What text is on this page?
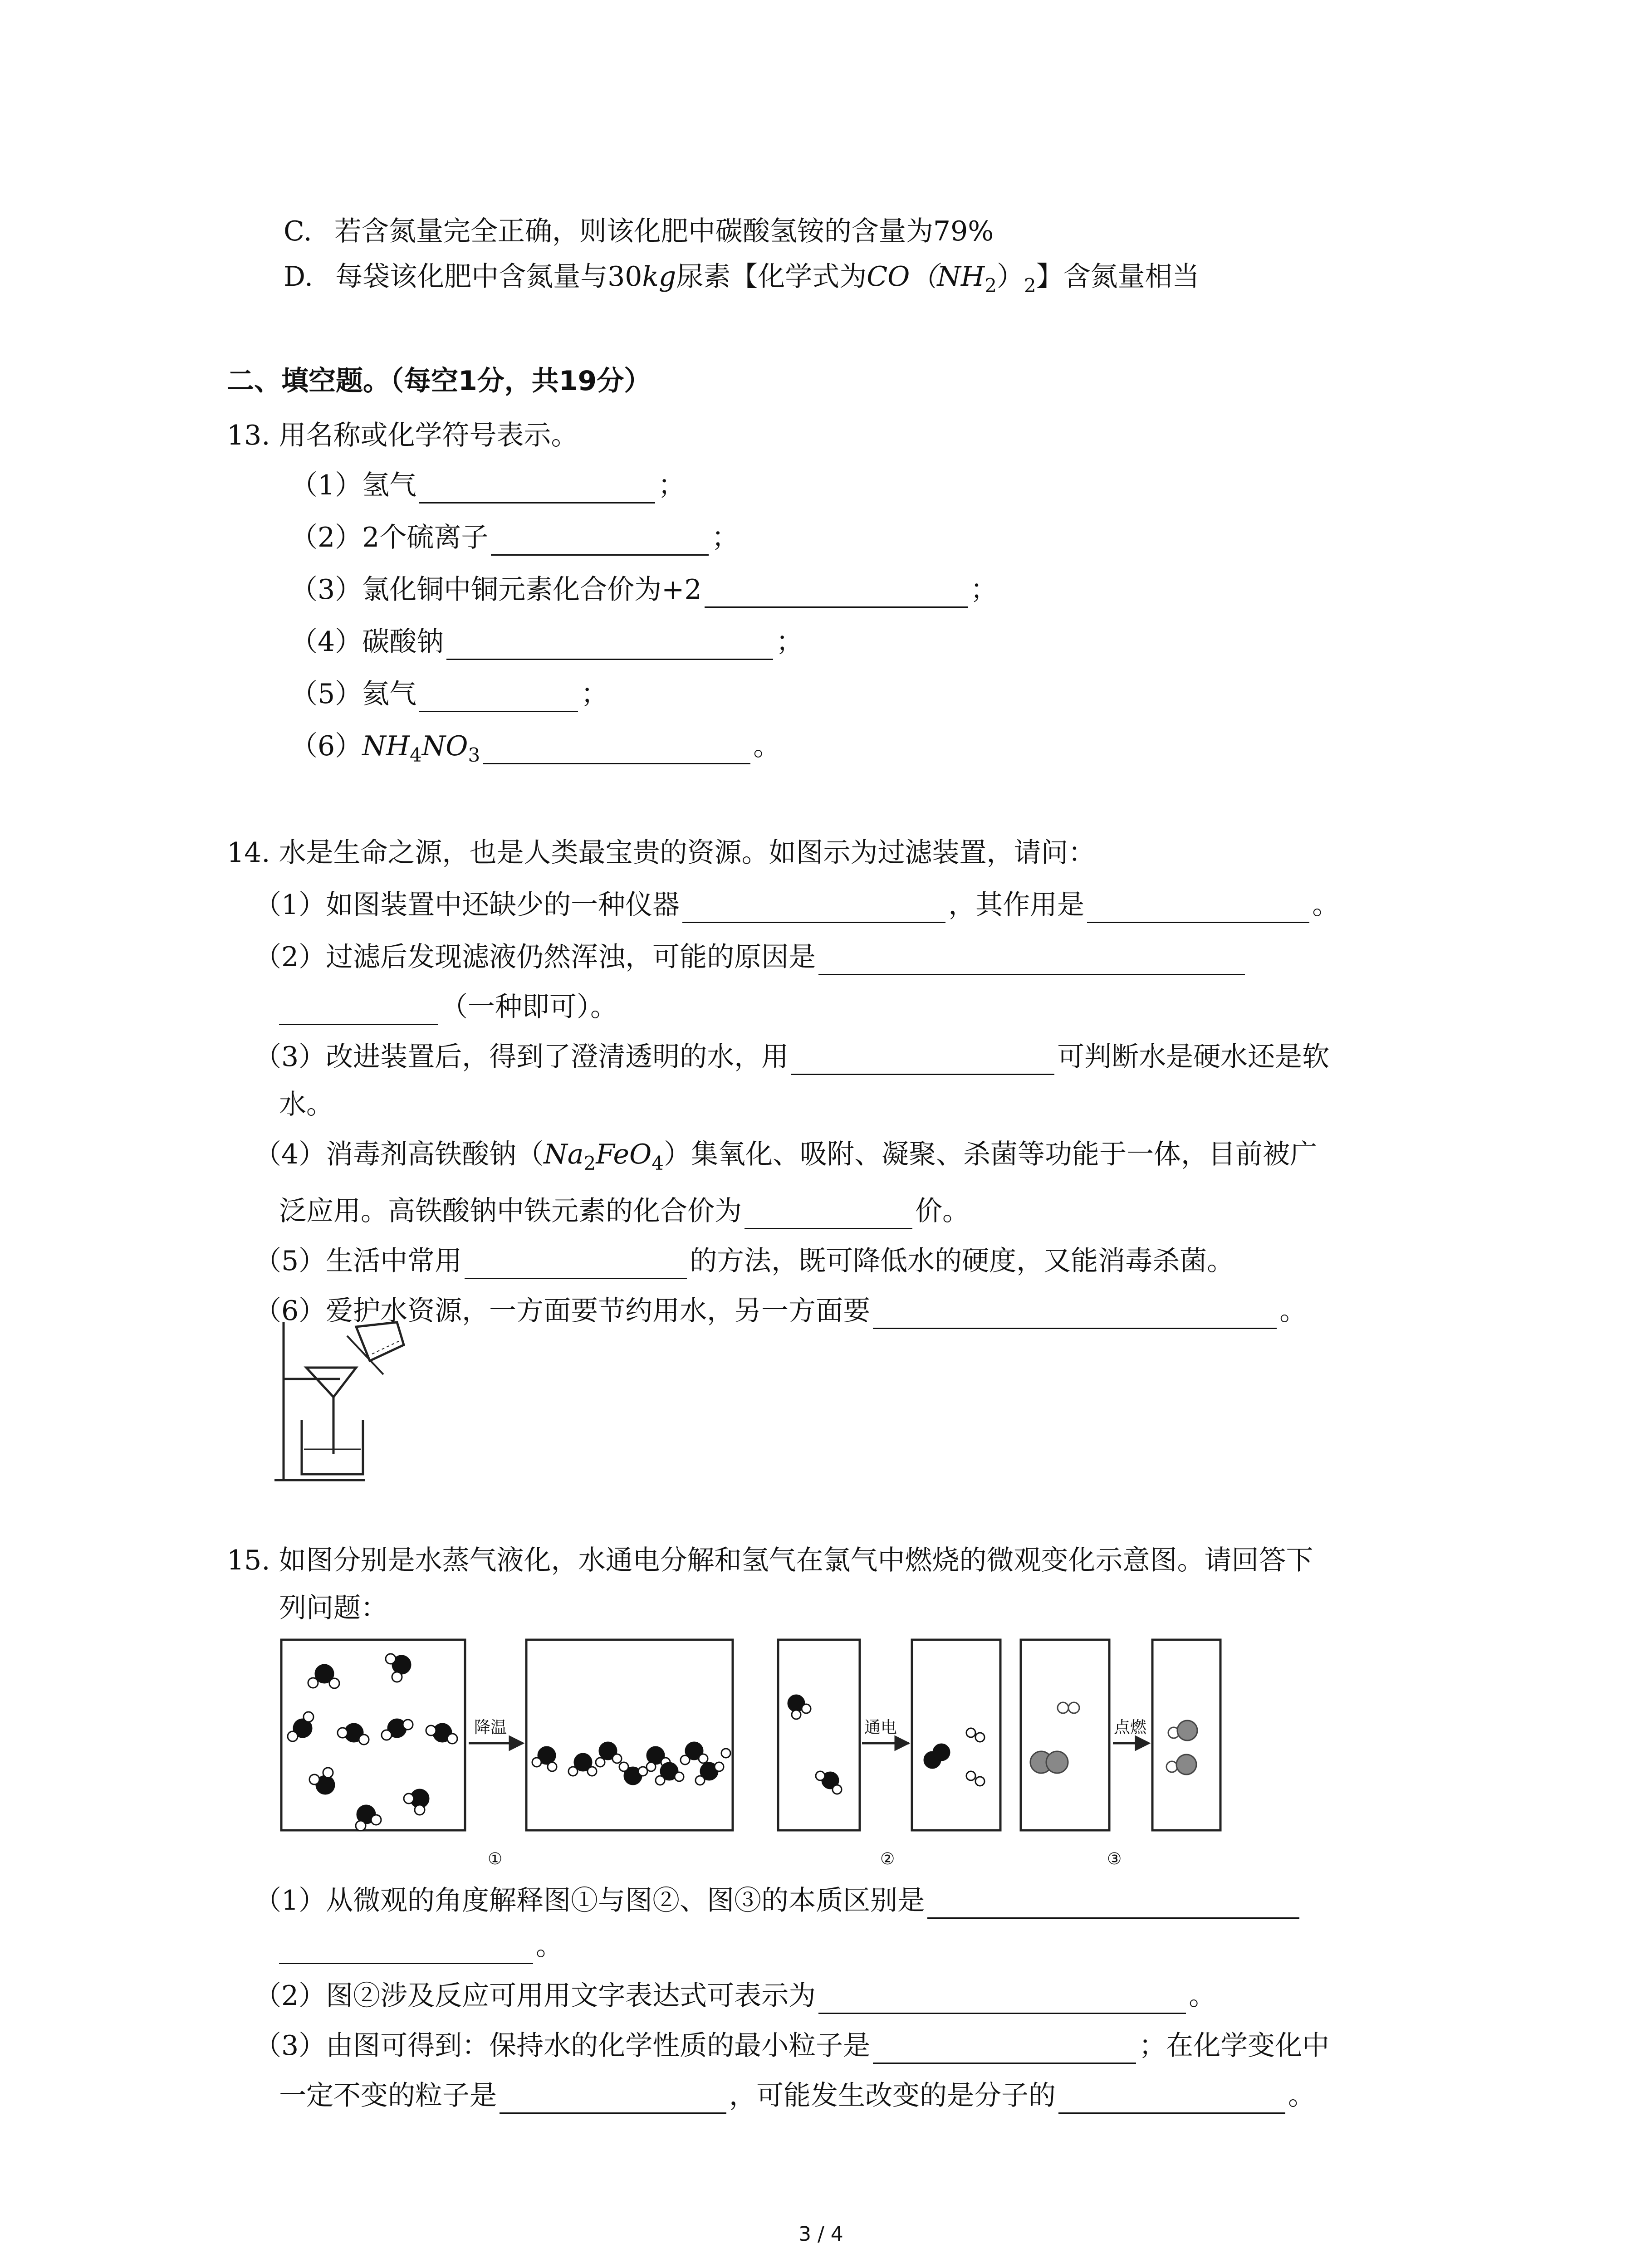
C. 若含氮量完全正确，则该化肥中碳酸氢铵的含量为79%
D. 每袋该化肥中含氮量与30kg尿素【化学式为$CO(NH_2)_2$】含氮量相当
二、填空题。（每空1分，共19分）
13. 用名称或化学符号表示。
（1）氢气	；
（2）2个硫离子	；
（3）氯化铜中铜元素化合价为+2	；
（4）碳酸钠	；
（5）氦气	；
$(6)NH_4NO_3$	。
14. 水是生命之源，也是人类最宝贵的资源。如图示为过滤装置，请问：
（1）如图装置中还缺少的一种仪器	，其作用是	。
（2）过滤后发现滤液仍然浑浊，可能的原因是
（一种即可）。
（3）改进装置后，得到了澄清透明的水，用	可判断水是硬水还是软
水。
（4）消毒剂高铁酸钠$(Na_2FeO_4)$集氧化、吸附、凝聚、杀菌等功能于一体，目前被广
泛应用。高铁酸钠中铁元素的化合价为	价。
（5）生活中常用	的方法，既可降低水的硬度，又能消毒杀菌。
（6）爱护水资源，一方面要节约用水，另一方面要	。
15. 如图分别是水蒸气液化，水通电分解和氢气在氯气中燃烧的微观变化示意图。请回答下
列问题：
降温	通电	点燃
①	②	③
（1）从微观的角度解释图①与图②、图③的本质区别是
。
（2）图②涉及反应可用用文字表达式可表示为	。
（3）由图可得到：保持水的化学性质的最小粒子是	；在化学变化中
一定不变的粒子是	，可能发生改变的是分子的	。
3 / 4
